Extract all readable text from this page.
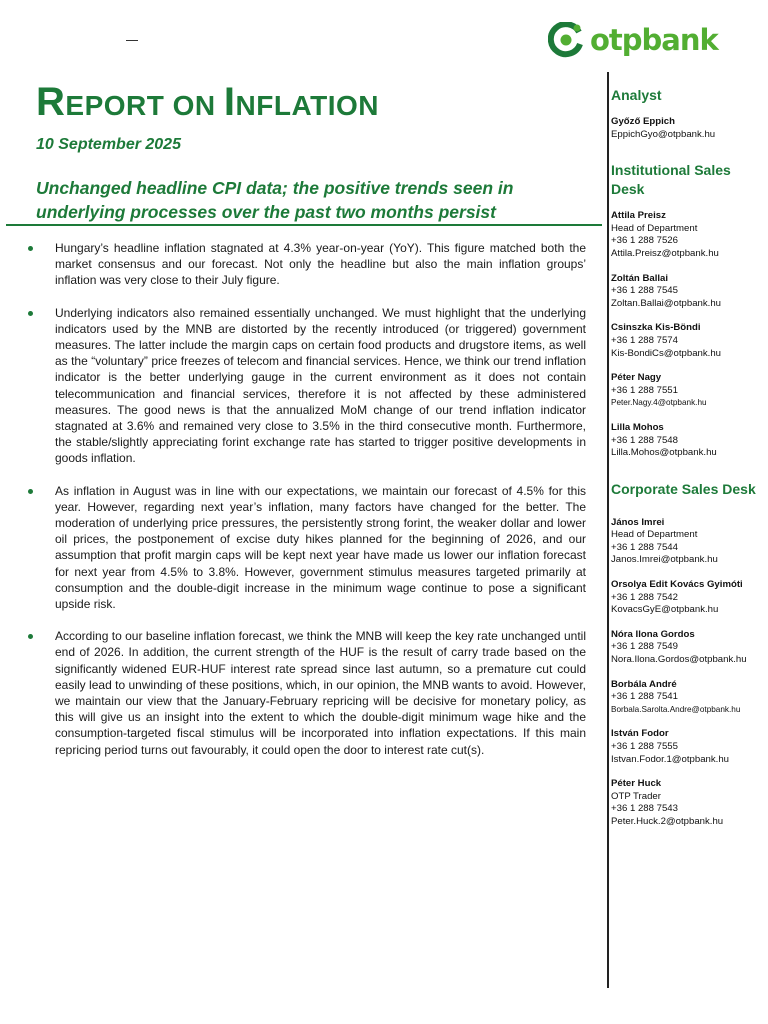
otpbank
REPORT ON INFLATION
10 September 2025
Unchanged headline CPI data; the positive trends seen in underlying processes over the past two months persist
Hungary’s headline inflation stagnated at 4.3% year-on-year (YoY). This figure matched both the market consensus and our forecast. Not only the headline but also the main inflation groups’ inflation was very close to their July figure.
Underlying indicators also remained essentially unchanged. We must highlight that the underlying indicators used by the MNB are distorted by the recently introduced (or triggered) government measures. The latter include the margin caps on certain food products and drugstore items, as well as the “voluntary” price freezes of telecom and financial services. Hence, we think our trend inflation indicator is the better underlying gauge in the current environment as it does not contain telecommunication and financial services, therefore it is not affected by these administered measures. The good news is that the annualized MoM change of our trend inflation indicator stagnated at 3.6% and remained very close to 3.5% in the third consecutive month. Furthermore, the stable/slightly appreciating forint exchange rate has started to trigger positive developments in goods inflation.
As inflation in August was in line with our expectations, we maintain our forecast of 4.5% for this year. However, regarding next year’s inflation, many factors have changed for the better. The moderation of underlying price pressures, the persistently strong forint, the weaker dollar and lower oil prices, the postponement of excise duty hikes planned for the beginning of 2026, and our assumption that profit margin caps will be kept next year have made us lower our inflation forecast for next year from 4.5% to 3.8%. However, government stimulus measures targeted primarily at consumption and the double-digit increase in the minimum wage continue to pose a significant upside risk.
According to our baseline inflation forecast, we think the MNB will keep the key rate unchanged until end of 2026. In addition, the current strength of the HUF is the result of carry trade based on the significantly widened EUR-HUF interest rate spread since last autumn, so a premature cut could easily lead to unwinding of these positions, which, in our opinion, the MNB wants to avoid. However, we maintain our view that the January-February repricing will be decisive for monetary policy, as this will give us an insight into the extent to which the double-digit minimum wage hike and the consumption-targeted fiscal stimulus will be incorporated into inflation expectations. If this main repricing period turns out favourably, it could open the door to interest rate cut(s).
Analyst
Győző Eppich
EppichGyo@otpbank.hu
Institutional Sales Desk
Attila Preisz
Head of Department
+36 1 288 7526
Attila.Preisz@otpbank.hu
Zoltán Ballai
+36 1 288 7545
Zoltan.Ballai@otpbank.hu
Csinszka Kis-Böndi
+36 1 288 7574
Kis-BondiCs@otpbank.hu
Péter Nagy
+36 1 288 7551
Peter.Nagy.4@otpbank.hu
Lilla Mohos
+36 1 288 7548
Lilla.Mohos@otpbank.hu
Corporate Sales Desk
János Imrei
Head of Department
+36 1 288 7544
Janos.Imrei@otpbank.hu
Orsolya Edit Kovács Gyimóti
+36 1 288 7542
KovacsGyE@otpbank.hu
Nóra Ilona Gordos
+36 1 288 7549
Nora.Ilona.Gordos@otpbank.hu
Borbála André
+36 1 288 7541
Borbala.Sarolta.Andre@otpbank.hu
István Fodor
+36 1 288 7555
Istvan.Fodor.1@otpbank.hu
Péter Huck
OTP Trader
+36 1 288 7543
Peter.Huck.2@otpbank.hu
